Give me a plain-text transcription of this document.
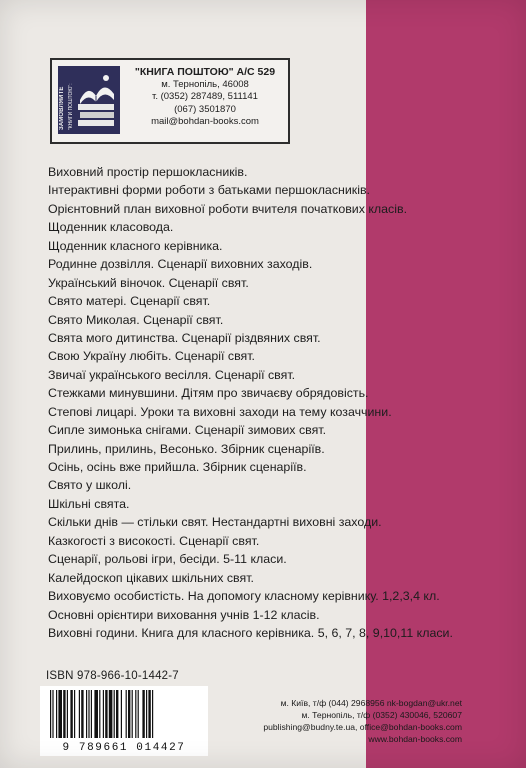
ЗАМОВЛЯЙТЕ "КНИГИ ПОШТОЮ":
"КНИГА ПОШТОЮ" А/С 529
м. Тернопіль, 46008
т. (0352) 287489, 511141
(067) 3501870
mail@bohdan-books.com
Виховний простір першокласників.
Інтерактивні форми роботи з батьками першокласників.
Орієнтовний план виховної роботи вчителя початкових класів.
Щоденник класовода.
Щоденник класного керівника.
Родинне дозвілля. Сценарії виховних заходів.
Український віночок. Сценарії свят.
Свято матері. Сценарії свят.
Свято Миколая. Сценарії свят.
Свята мого дитинства. Сценарії різдвяних свят.
Свою Україну любіть. Сценарії свят.
Звичаї українського весілля. Сценарії свят.
Стежками минувшини. Дітям про звичаєву обрядовість.
Степові лицарі. Уроки та виховні заходи на тему козаччини.
Сипле зимонька снігами. Сценарії зимових свят.
Прилинь, прилинь, Весонько. Збірник сценаріїв.
Осінь, осінь вже прийшла. Збірник сценаріїв.
Свято у школі.
Шкільні свята.
Скільки днів — стільки свят. Нестандартні виховні заходи.
Казкогості з високості. Сценарії свят.
Сценарії, рольові ігри, бесіди. 5-11 класи.
Калейдоскоп цікавих шкільних свят.
Виховуємо особистість. На допомогу класному керівнику. 1,2,3,4 кл.
Основні орієнтири виховання учнів 1-12 класів.
Виховні години. Книга для класного керівника. 5, 6, 7, 8, 9,10,11 класи.
ISBN 978-966-10-1442-7
9 789661 014427
м. Київ, т/ф (044) 2968956 nk-bogdan@ukr.net
м. Тернопіль, т/ф (0352) 430046, 520607
publishing@budny.te.ua, office@bohdan-books.com
www.bohdan-books.com
